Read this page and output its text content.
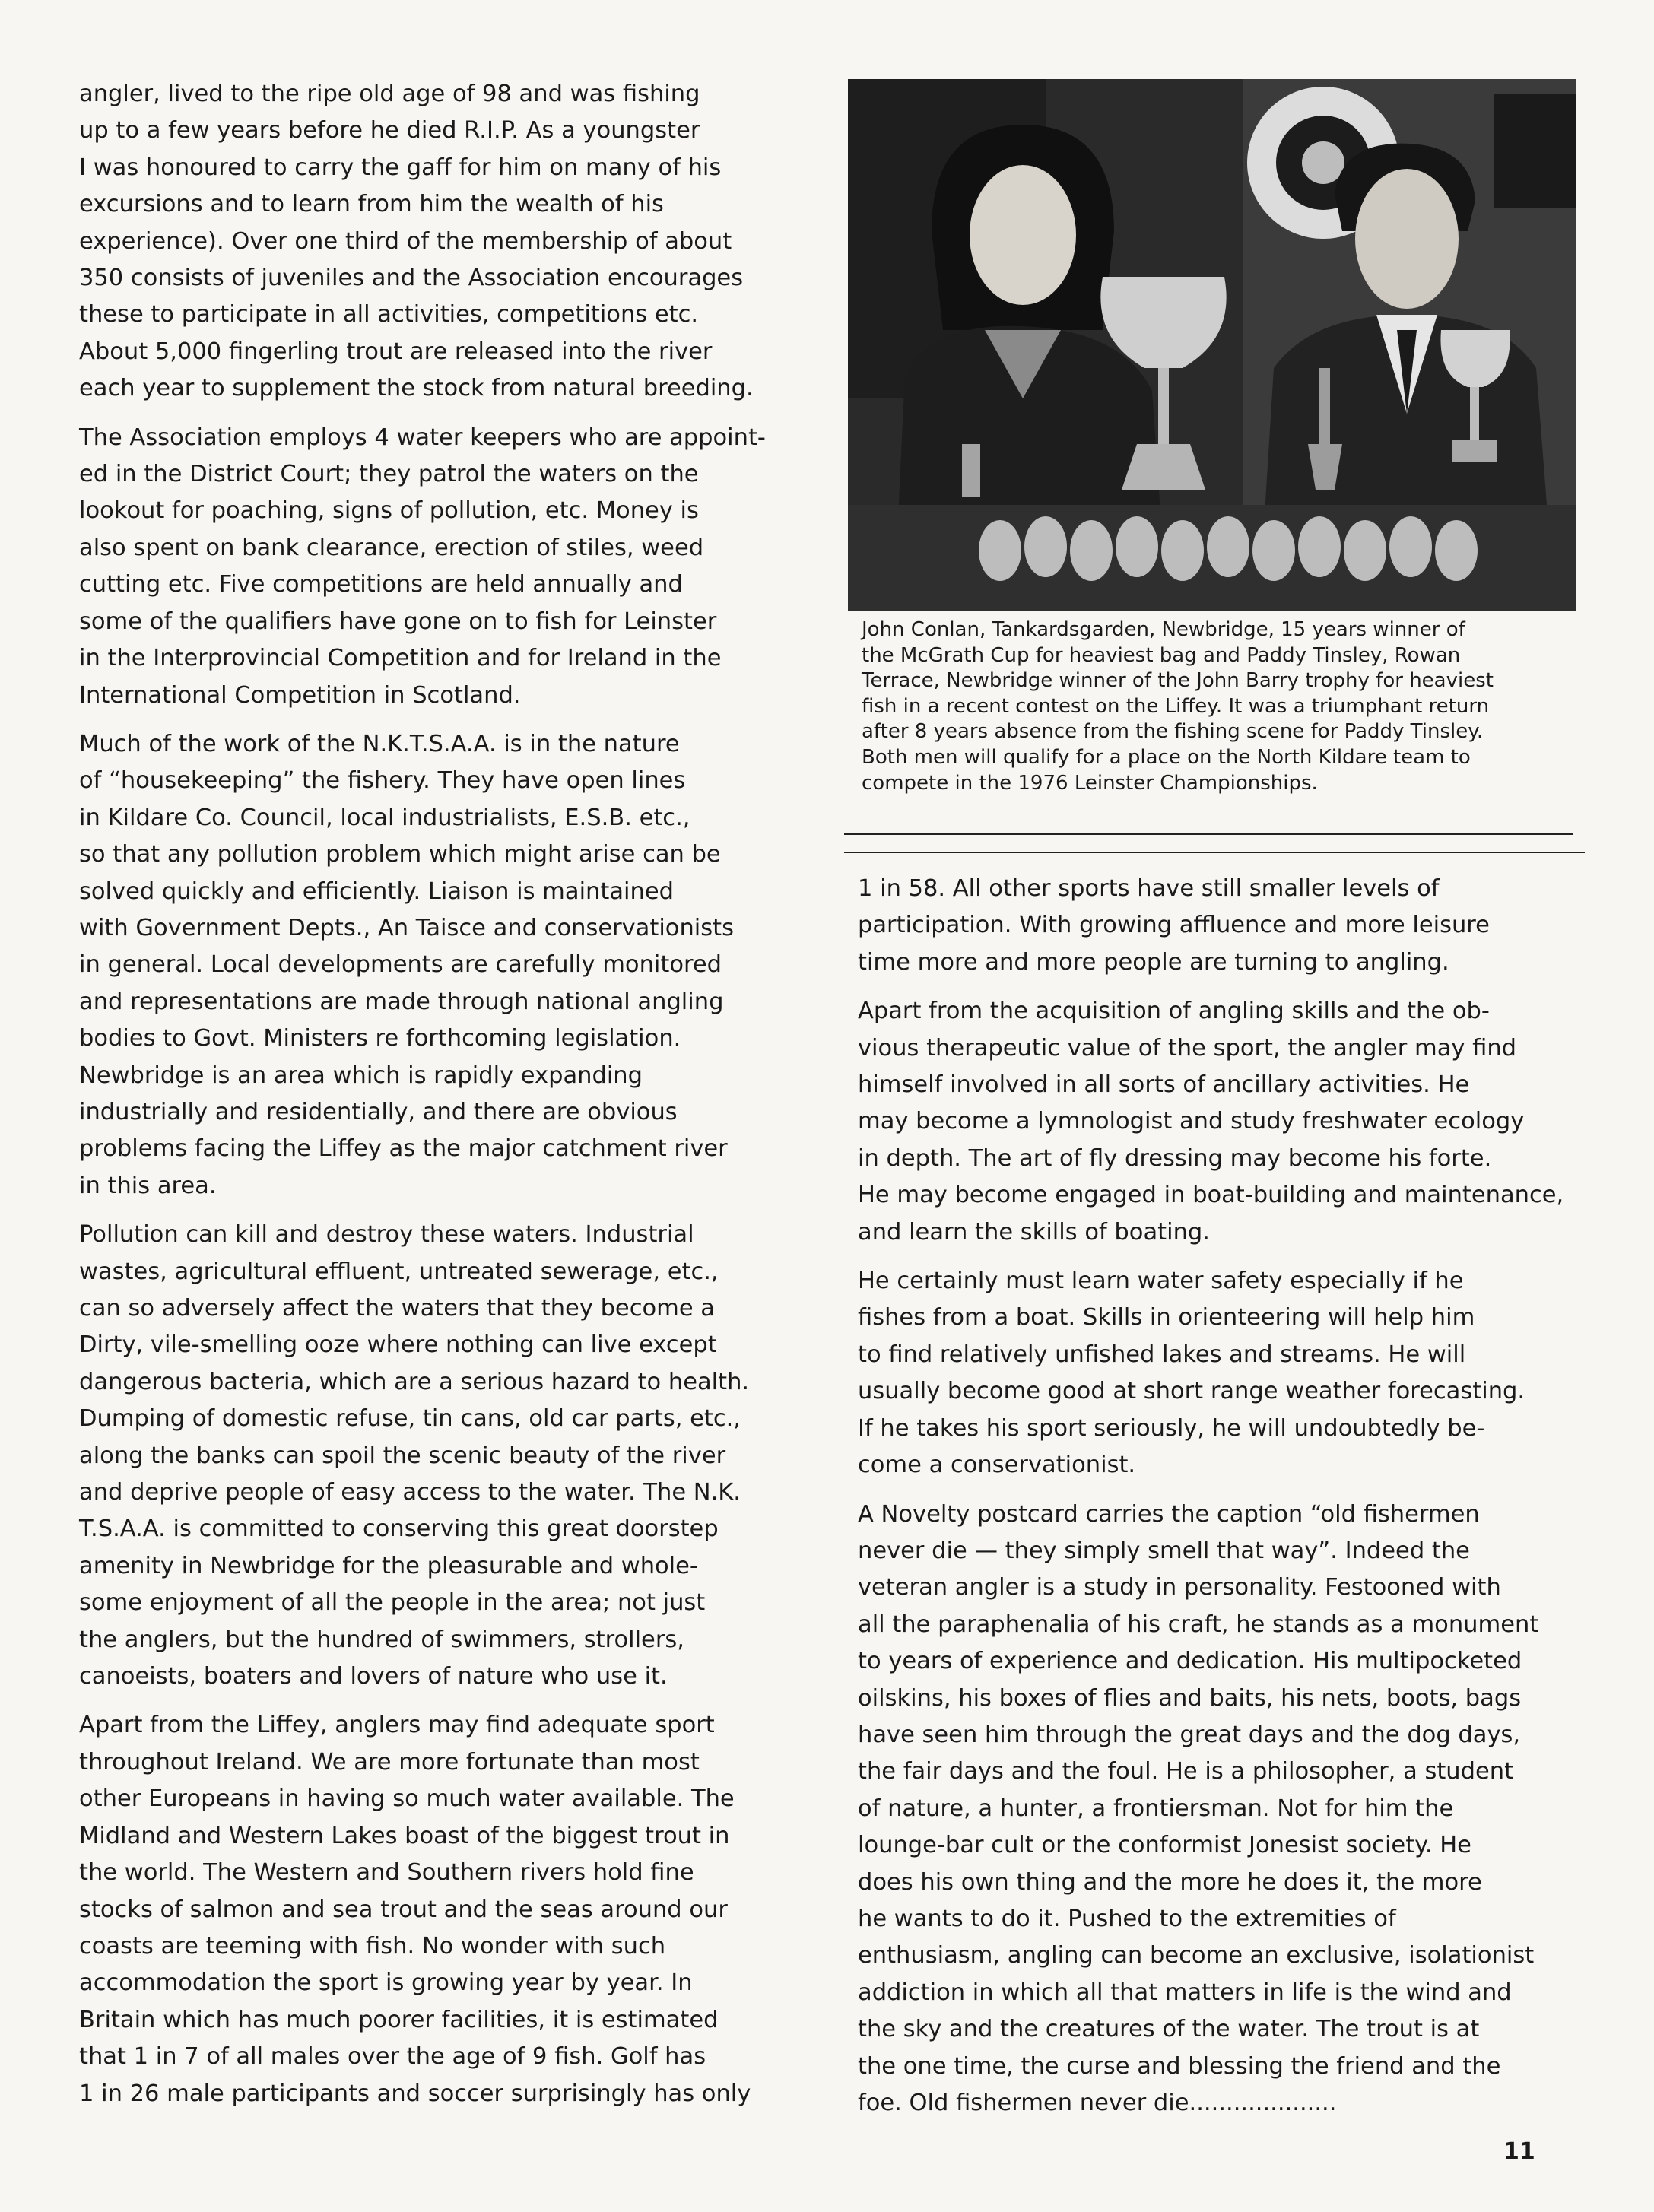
angler, lived to the ripe old age of 98 and was fishing
up to a few years before he died R.I.P. As a youngster
I was honoured to carry the gaff for him on many of his
excursions and to learn from him the wealth of his
experience). Over one third of the membership of about
350 consists of juveniles and the Association encourages
these to participate in all activities, competitions etc.
About 5,000 fingerling trout are released into the river
each year to supplement the stock from natural breeding.

The Association employs 4 water keepers who are appoint-
ed in the District Court; they patrol the waters on the
lookout for poaching, signs of pollution, etc. Money is
also spent on bank clearance, erection of stiles, weed
cutting etc. Five competitions are held annually and
some of the qualifiers have gone on to fish for Leinster
in the Interprovincial Competition and for Ireland in the
International Competition in Scotland.

Much of the work of the N.K.T.S.A.A. is in the nature
of “housekeeping” the fishery. They have open lines
in Kildare Co. Council, local industrialists, E.S.B. etc.,
so that any pollution problem which might arise can be
solved quickly and efficiently. Liaison is maintained
with Government Depts., An Taisce and conservationists
in general. Local developments are carefully monitored
and representations are made through national angling
bodies to Govt. Ministers re forthcoming legislation.
Newbridge is an area which is rapidly expanding
industrially and residentially, and there are obvious
problems facing the Liffey as the major catchment river
in this area.

Pollution can kill and destroy these waters. Industrial
wastes, agricultural effluent, untreated sewerage, etc.,
can so adversely affect the waters that they become a
Dirty, vile-smelling ooze where nothing can live except
dangerous bacteria, which are a serious hazard to health.
Dumping of domestic refuse, tin cans, old car parts, etc.,
along the banks can spoil the scenic beauty of the river
and deprive people of easy access to the water. The N.K.
T.S.A.A. is committed to conserving this great doorstep
amenity in Newbridge for the pleasurable and whole-
some enjoyment of all the people in the area; not just
the anglers, but the hundred of swimmers, strollers,
canoeists, boaters and lovers of nature who use it.

Apart from the Liffey, anglers may find adequate sport
throughout Ireland. We are more fortunate than most
other Europeans in having so much water available. The
Midland and Western Lakes boast of the biggest trout in
the world. The Western and Southern rivers hold fine
stocks of salmon and sea trout and the seas around our
coasts are teeming with fish. No wonder with such
accommodation the sport is growing year by year. In
Britain which has much poorer facilities, it is estimated
that 1 in 7 of all males over the age of 9 fish. Golf has
1 in 26 male participants and soccer surprisingly has only

John Conlan, Tankardsgarden, Newbridge, 15 years winner of
the McGrath Cup for heaviest bag and Paddy Tinsley, Rowan
Terrace, Newbridge winner of the John Barry trophy for heaviest
fish in a recent contest on the Liffey. It was a triumphant return
after 8 years absence from the fishing scene for Paddy Tinsley.
Both men will qualify for a place on the North Kildare team to
compete in the 1976 Leinster Championships.

1 in 58. All other sports have still smaller levels of
participation. With growing affluence and more leisure
time more and more people are turning to angling.

Apart from the acquisition of angling skills and the ob-
vious therapeutic value of the sport, the angler may find
himself involved in all sorts of ancillary activities. He
may become a lymnologist and study freshwater ecology
in depth. The art of fly dressing may become his forte.
He may become engaged in boat-building and maintenance,
and learn the skills of boating.

He certainly must learn water safety especially if he
fishes from a boat. Skills in orienteering will help him
to find relatively unfished lakes and streams. He will
usually become good at short range weather forecasting.
If he takes his sport seriously, he will undoubtedly be-
come a conservationist.

A Novelty postcard carries the caption “old fishermen
never die — they simply smell that way”. Indeed the
veteran angler is a study in personality. Festooned with
all the paraphenalia of his craft, he stands as a monument
to years of experience and dedication. His multipocketed
oilskins, his boxes of flies and baits, his nets, boots, bags
have seen him through the great days and the dog days,
the fair days and the foul. He is a philosopher, a student
of nature, a hunter, a frontiersman. Not for him the
lounge-bar cult or the conformist Jonesist society. He
does his own thing and the more he does it, the more
he wants to do it. Pushed to the extremities of
enthusiasm, angling can become an exclusive, isolationist
addiction in which all that matters in life is the wind and
the sky and the creatures of the water. The trout is at
the one time, the curse and blessing the friend and the
foe. Old fishermen never die....................

11
